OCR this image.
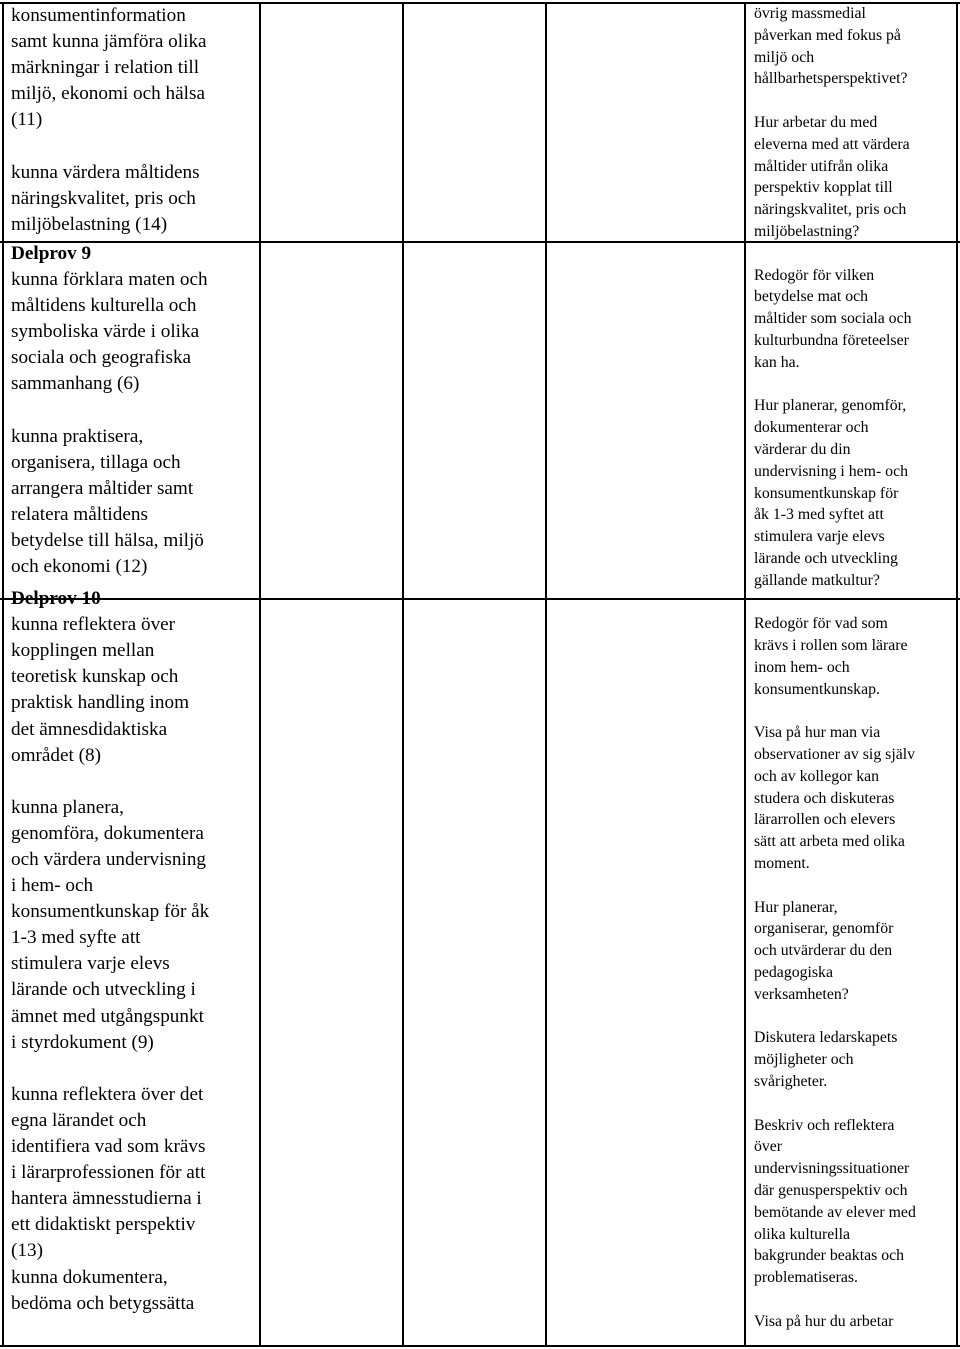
konsumentinformation
samt kunna jämföra olika
märkningar i relation till
miljö, ekonomi och hälsa
(11)
kunna värdera måltidens
näringskvalitet, pris och
miljöbelastning (14)
Delprov 9
kunna förklara maten och
måltidens kulturella och
symboliska värde i olika
sociala och geografiska
sammanhang (6)
kunna praktisera,
organisera, tillaga och
arrangera måltider samt
relatera måltidens
betydelse till hälsa, miljö
och ekonomi (12)
Delprov 10
kunna reflektera över
kopplingen mellan
teoretisk kunskap och
praktisk handling inom
det ämnesdidaktiska
området (8)
kunna planera,
genomföra, dokumentera
och värdera undervisning
i hem- och
konsumentkunskap för åk
1-3 med syfte att
stimulera varje elevs
lärande och utveckling i
ämnet med utgångspunkt
i styrdokument (9)
kunna reflektera över det
egna lärandet och
identifiera vad som krävs
i lärarprofessionen för att
hantera ämnesstudierna i
ett didaktiskt perspektiv
(13)
kunna dokumentera,
bedöma och betygssätta
övrig massmedial
påverkan med fokus på
miljö och
hållbarhetsperspektivet?
Hur arbetar du med
eleverna med att värdera
måltider utifrån olika
perspektiv kopplat till
näringskvalitet, pris och
miljöbelastning?
Redogör för vilken
betydelse mat och
måltider som sociala och
kulturbundna företeelser
kan ha.
Hur planerar, genomför,
dokumenterar och
värderar du din
undervisning i hem- och
konsumentkunskap för
åk 1-3 med syftet att
stimulera varje elevs
lärande och utveckling
gällande matkultur?
Redogör för vad som
krävs i rollen som lärare
inom hem- och
konsumentkunskap.
Visa på hur man via
observationer av sig själv
och av kollegor kan
studera och diskuteras
lärarrollen och elevers
sätt att arbeta med olika
moment.
Hur planerar,
organiserar, genomför
och utvärderar du den
pedagogiska
verksamheten?
Diskutera ledarskapets
möjligheter och
svårigheter.
Beskriv och reflektera
över
undervisningssituationer
där genusperspektiv och
bemötande av elever med
olika kulturella
bakgrunder beaktas och
problematiseras.
Visa på hur du arbetar
